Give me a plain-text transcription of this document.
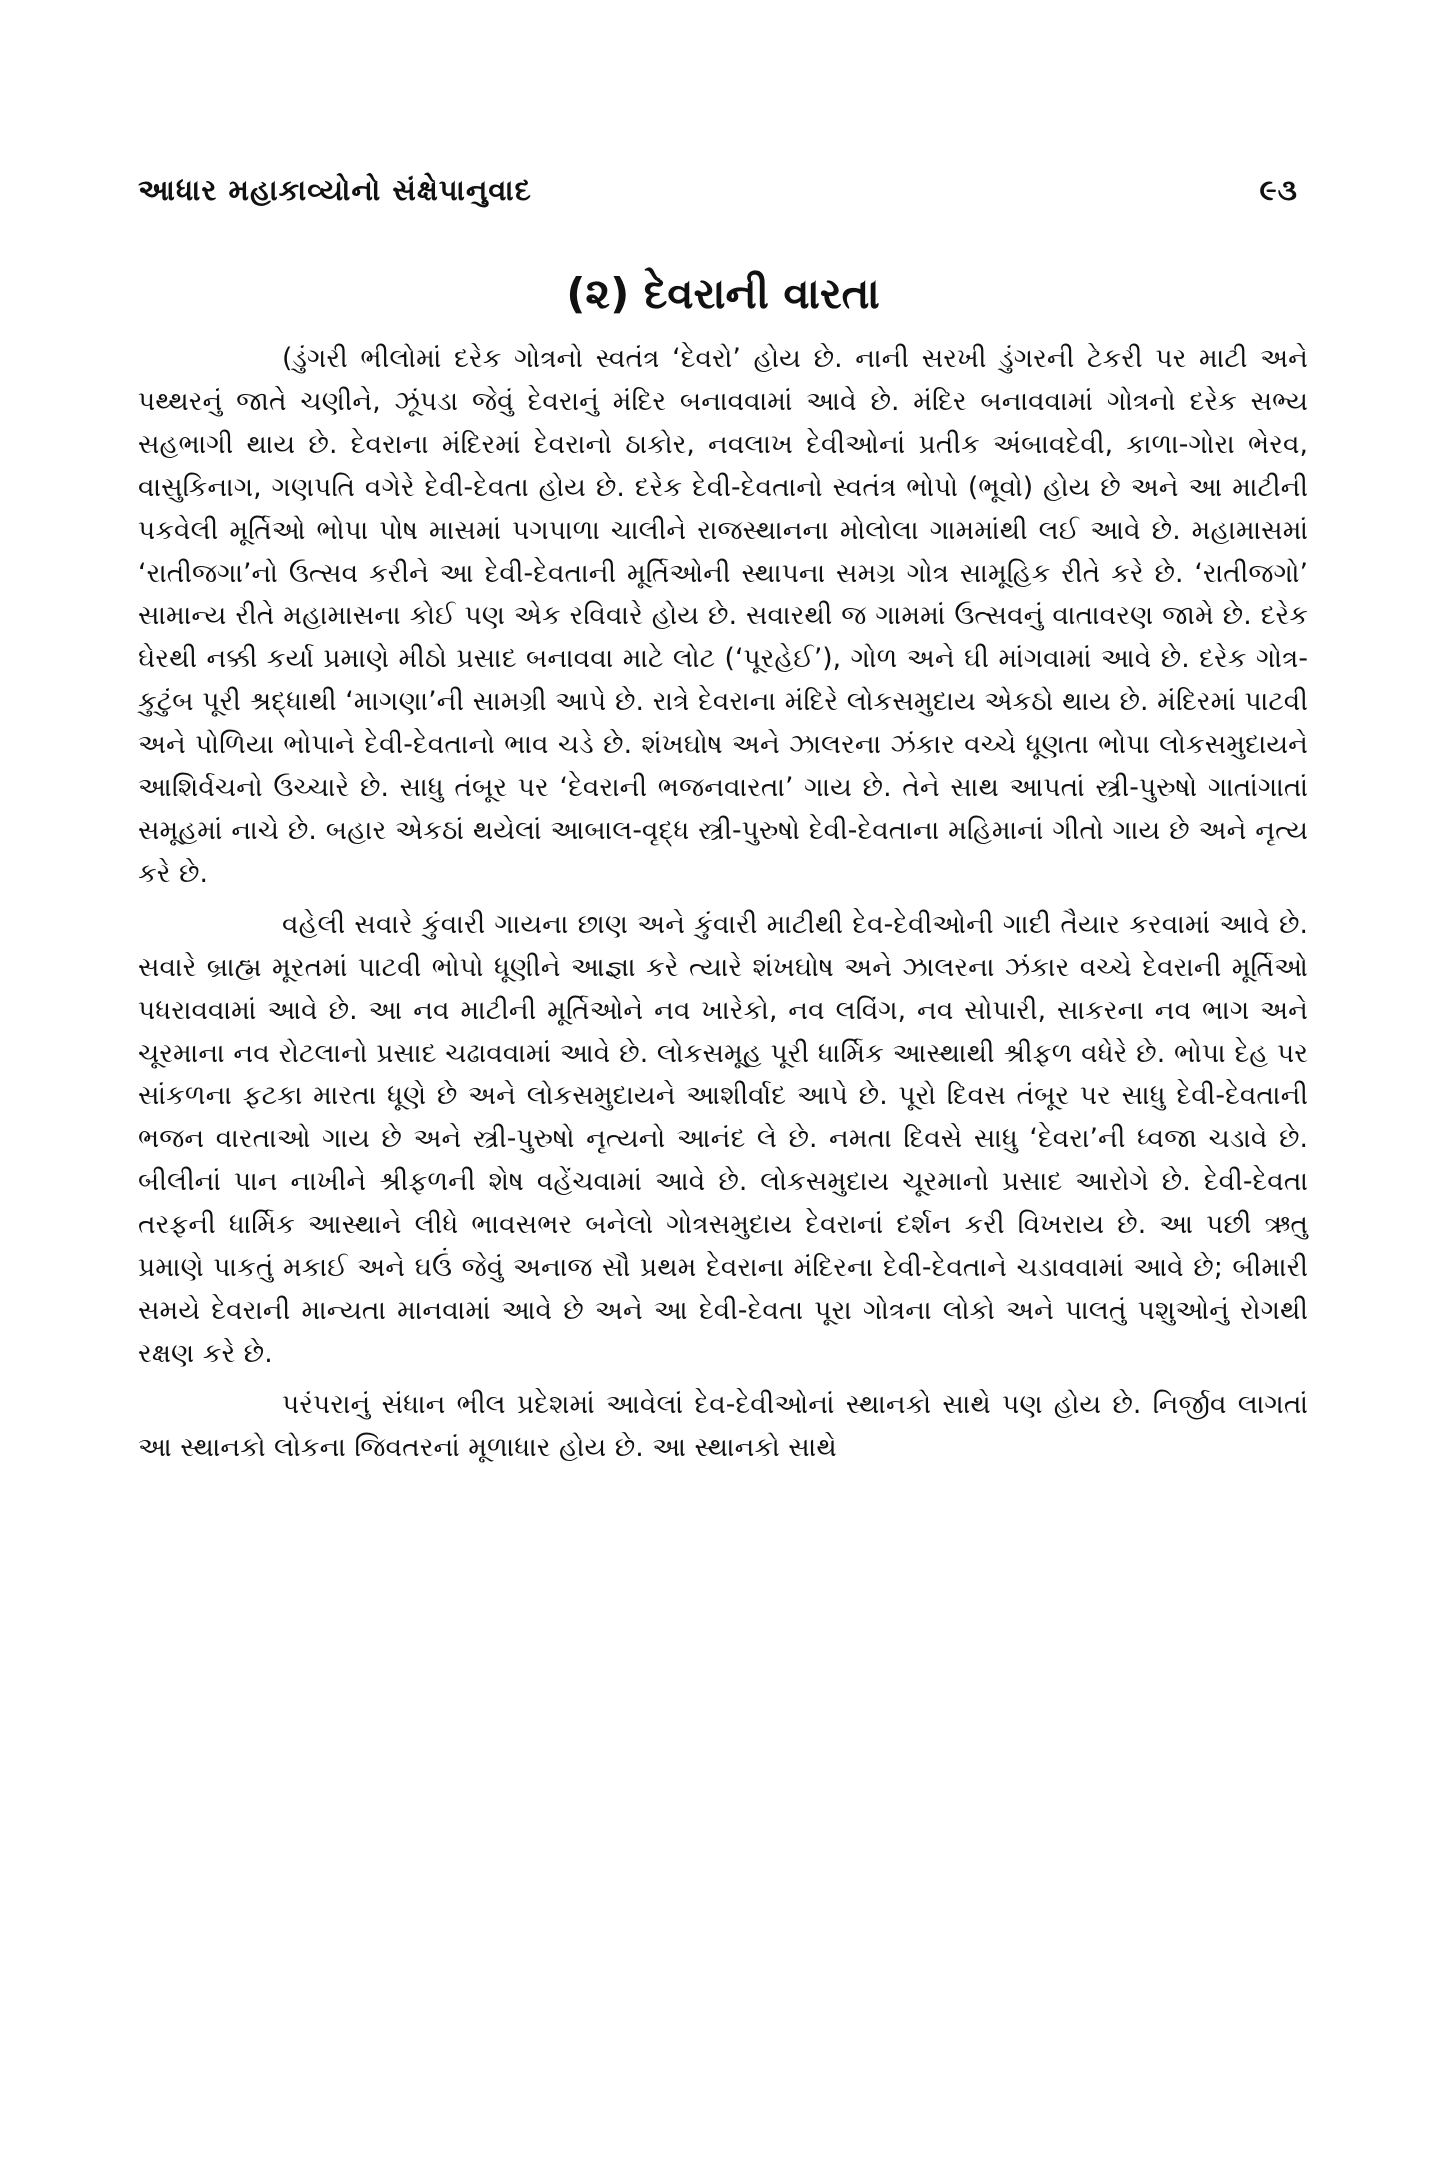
આધાર મહાકાવ્યોનો સંક્ષેપાનુવાદ	૯૩
(૨) દેવરાની વારતા

(ડુંગરી ભીલોમાં દરેક ગોત્રનો સ્વતંત્ર ‘દેવરો’ હોય છે. નાની સરખી ડુંગરની ટેકરી પર માટી અને પથ્થરનું જાતે ચણીને, ઝૂંપડા જેવું દેવરાનું મંદિર બનાવવામાં આવે છે. મંદિર બનાવવામાં ગોત્રનો દરેક સભ્ય સહભાગી થાય છે. દેવરાના મંદિરમાં દેવરાનો ઠાકોર, નવલાખ દેવીઓનાં પ્રતીક અંબાવદેવી, કાળા-ગોરા ભેરવ, વાસુકિનાગ, ગણપતિ વગેરે દેવી-દેવતા હોય છે. દરેક દેવી-દેવતાનો સ્વતંત્ર ભોપો (ભૂવો) હોય છે અને આ માટીની પકવેલી મૂર્તિઓ ભોપા પોષ માસમાં પગપાળા ચાલીને રાજસ્થાનના મોલોલા ગામમાંથી લઈ આવે છે. મહામાસમાં ‘રાતીજગા’નો ઉત્સવ કરીને આ દેવી-દેવતાની મૂર્તિઓની સ્થાપના સમગ્ર ગોત્ર સામૂહિક રીતે કરે છે. ‘રાતીજગો’ સામાન્ય રીતે મહામાસના કોઈ પણ એક રવિવારે હોય છે. સવારથી જ ગામમાં ઉત્સવનું વાતાવરણ જામે છે. દરેક ઘેરથી નક્કી કર્યા પ્રમાણે મીઠો પ્રસાદ બનાવવા માટે લોટ (‘પૂરહેઈ’), ગોળ અને ઘી માંગવામાં આવે છે. દરેક ગોત્ર-કુટુંબ પૂરી શ્રદ્ધાથી ‘માગણા’ની સામગ્રી આપે છે. રાત્રે દેવરાના મંદિરે લોકસમુદાય એકઠો થાય છે. મંદિરમાં પાટવી અને પોળિયા ભોપાને દેવી-દેવતાનો ભાવ ચડે છે. શંખઘોષ અને ઝાલરના ઝંકાર વચ્ચે ધૂણતા ભોપા લોકસમુદાયને આશિર્વચનો ઉચ્ચારે છે. સાધુ તંબૂર પર ‘દેવરાની ભજનવારતા’ ગાય છે. તેને સાથ આપતાં સ્ત્રી-પુરુષો ગાતાંગાતાં સમૂહમાં નાચે છે. બહાર એકઠાં થયેલાં આબાલ-વૃદ્ધ સ્ત્રી-પુરુષો દેવી-દેવતાના મહિમાનાં ગીતો ગાય છે અને નૃત્ય કરે છે.

વહેલી સવારે કુંવારી ગાયના છાણ અને કુંવારી માટીથી દેવ-દેવીઓની ગાદી તૈયાર કરવામાં આવે છે. સવારે બ્રાહ્મ મૂરતમાં પાટવી ભોપો ધૂણીને આજ્ઞા કરે ત્યારે શંખઘોષ અને ઝાલરના ઝંકાર વચ્ચે દેવરાની મૂર્તિઓ પધરાવવામાં આવે છે. આ નવ માટીની મૂર્તિઓને નવ ખારેકો, નવ લવિંગ, નવ સોપારી, સાકરના નવ ભાગ અને ચૂરમાના નવ રોટલાનો પ્રસાદ ચઢાવવામાં આવે છે. લોકસમૂહ પૂરી ધાર્મિક આસ્થાથી શ્રીફળ વધેરે છે. ભોપા દેહ પર સાંકળના ફટકા મારતા ધૂણે છે અને લોકસમુદાયને આશીર્વાદ આપે છે. પૂરો દિવસ તંબૂર પર સાધુ દેવી-દેવતાની ભજન વારતાઓ ગાય છે અને સ્ત્રી-પુરુષો નૃત્યનો આનંદ લે છે. નમતા દિવસે સાધુ ‘દેવરા’ની ધ્વજા ચડાવે છે. બીલીનાં પાન નાખીને શ્રીફળની શેષ વહેંચવામાં આવે છે. લોકસમુદાય ચૂરમાનો પ્રસાદ આરોગે છે. દેવી-દેવતા તરફની ધાર્મિક આસ્થાને લીધે ભાવસભર બનેલો ગોત્રસમુદાય દેવરાનાં દર્શન કરી વિખરાય છે. આ પછી ઋતુ પ્રમાણે પાકતું મકાઈ અને ઘઉં જેવું અનાજ સૌ પ્રથમ દેવરાના મંદિરના દેવી-દેવતાને ચડાવવામાં આવે છે; બીમારી સમયે દેવરાની માન્યતા માનવામાં આવે છે અને આ દેવી-દેવતા પૂરા ગોત્રના લોકો અને પાલતું પશુઓનું રોગથી રક્ષણ કરે છે.

પરંપરાનું સંધાન ભીલ પ્રદેશમાં આવેલાં દેવ-દેવીઓનાં સ્થાનકો સાથે પણ હોય છે. નિર્જીવ લાગતાં આ સ્થાનકો લોકના જિવતરનાં મૂળાધાર હોય છે. આ સ્થાનકો સાથે
